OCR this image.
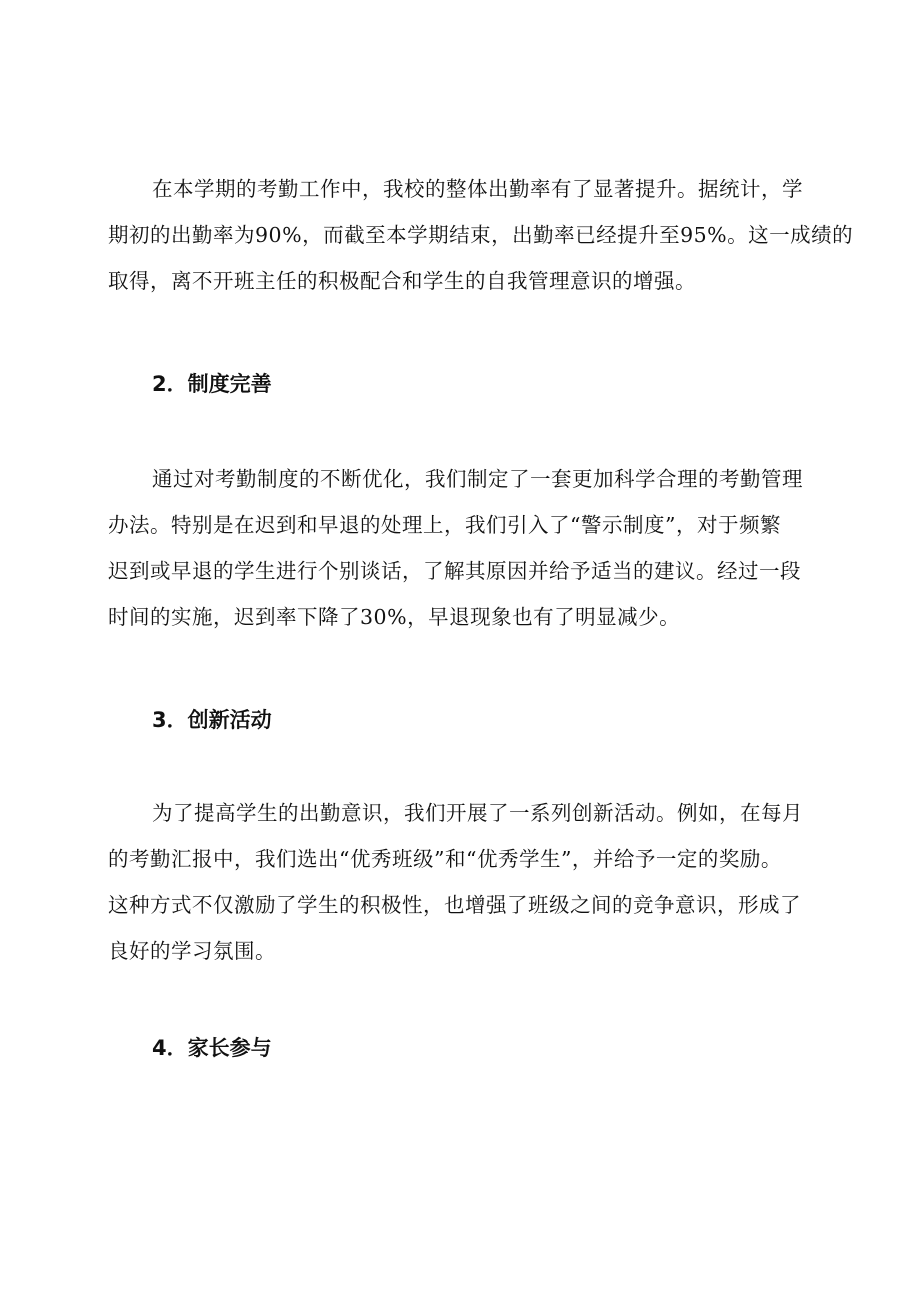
在本学期的考勤工作中，我校的整体出勤率有了显著提升。据统计，学
期初的出勤率为90%，而截至本学期结束，出勤率已经提升至95%。这一成绩的
取得，离不开班主任的积极配合和学生的自我管理意识的增强。

2．制度完善

通过对考勤制度的不断优化，我们制定了一套更加科学合理的考勤管理
办法。特别是在迟到和早退的处理上，我们引入了“警示制度”，对于频繁
迟到或早退的学生进行个别谈话，了解其原因并给予适当的建议。经过一段
时间的实施，迟到率下降了30%，早退现象也有了明显减少。

3．创新活动

为了提高学生的出勤意识，我们开展了一系列创新活动。例如，在每月
的考勤汇报中，我们选出“优秀班级”和“优秀学生”，并给予一定的奖励。
这种方式不仅激励了学生的积极性，也增强了班级之间的竞争意识，形成了
良好的学习氛围。

4．家长参与
